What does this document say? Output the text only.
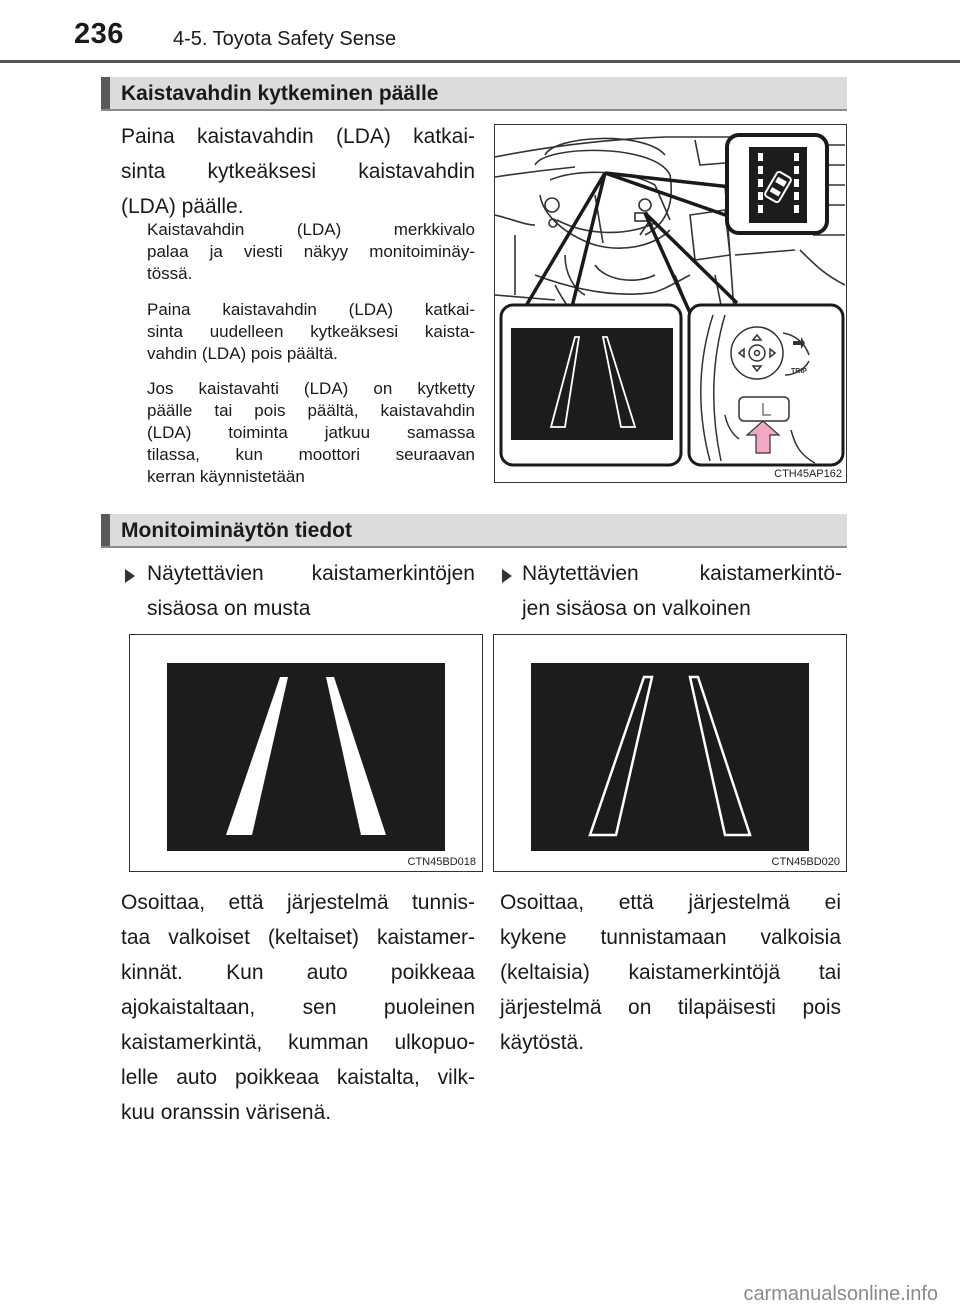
236 4-5. Toyota Safety Sense
Kaistavahdin kytkeminen päälle
Paina kaistavahdin (LDA) katkai-
sinta kytkeäksesi kaistavahdin
(LDA) päälle.
Kaistavahdin (LDA) merkkivalo
palaa ja viesti näkyy monitoiminäy-
tössä.
Paina kaistavahdin (LDA) katkai-
sinta uudelleen kytkeäksesi kaista-
vahdin (LDA) pois päältä.
Jos kaistavahti (LDA) on kytketty
päälle tai pois päältä, kaistavahdin
(LDA) toiminta jatkuu samassa
tilassa, kun moottori seuraavan
kerran käynnistetään
TRIP
CTH45AP162
Monitoiminäytön tiedot
Näytettävien kaistamerkintöjen
sisäosa on musta
Näytettävien kaistamerkintö-
jen sisäosa on valkoinen
CTN45BD018	CTN45BD020
Osoittaa, että järjestelmä tunnis-
taa valkoiset (keltaiset) kaistamer-
kinnät. Kun auto poikkeaa
ajokaistaltaan, sen puoleinen
kaistamerkintä, kumman ulkopuo-
lelle auto poikkeaa kaistalta, vilk-
kuu oranssin värisenä.
Osoittaa, että järjestelmä ei
kykene tunnistamaan valkoisia
(keltaisia) kaistamerkintöjä tai
järjestelmä on tilapäisesti pois
käytöstä.
carmanualsonline.info
